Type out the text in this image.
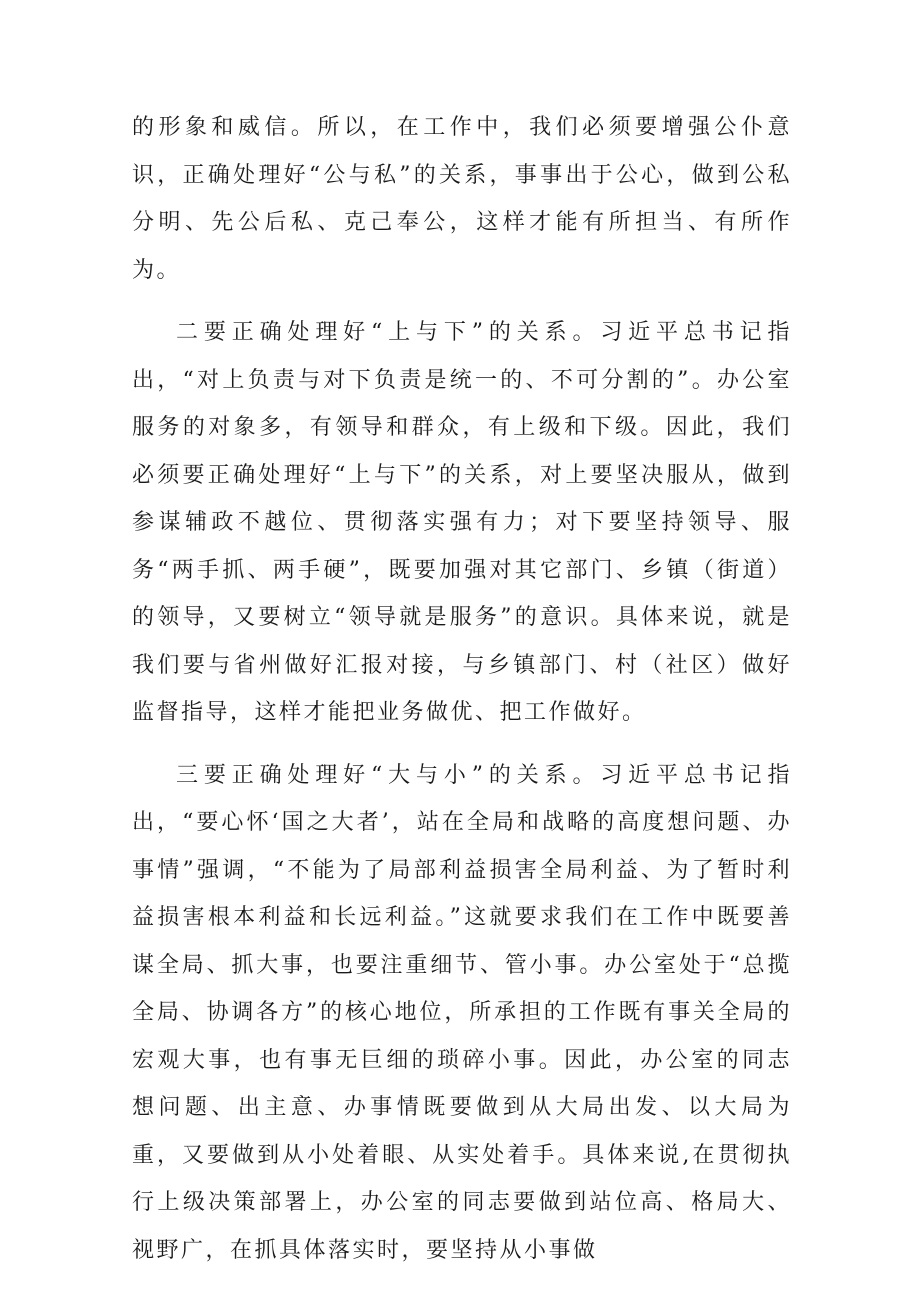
的形象和威信。所以，在工作中，我们必须要增强公仆意识，正确处理好“公与私”的关系，事事出于公心，做到公私分明、先公后私、克己奉公，这样才能有所担当、有所作为。

二要正确处理好“上与下”的关系。习近平总书记指出，“对上负责与对下负责是统一的、不可分割的”。办公室服务的对象多，有领导和群众，有上级和下级。因此，我们必须要正确处理好“上与下”的关系，对上要坚决服从，做到参谋辅政不越位、贯彻落实强有力；对下要坚持领导、服务“两手抓、两手硬”，既要加强对其它部门、乡镇（街道）的领导，又要树立“领导就是服务”的意识。具体来说，就是我们要与省州做好汇报对接，与乡镇部门、村（社区）做好监督指导，这样才能把业务做优、把工作做好。

三要正确处理好“大与小”的关系。习近平总书记指出，“要心怀‘国之大者’，站在全局和战略的高度想问题、办事情”强调，“不能为了局部利益损害全局利益、为了暂时利益损害根本利益和长远利益。”这就要求我们在工作中既要善谋全局、抓大事，也要注重细节、管小事。办公室处于“总揽全局、协调各方”的核心地位，所承担的工作既有事关全局的宏观大事，也有事无巨细的琐碎小事。因此，办公室的同志想问题、出主意、办事情既要做到从大局出发、以大局为重，又要做到从小处着眼、从实处着手。具体来说,在贯彻执行上级决策部署上，办公室的同志要做到站位高、格局大、视野广，在抓具体落实时，要坚持从小事做
